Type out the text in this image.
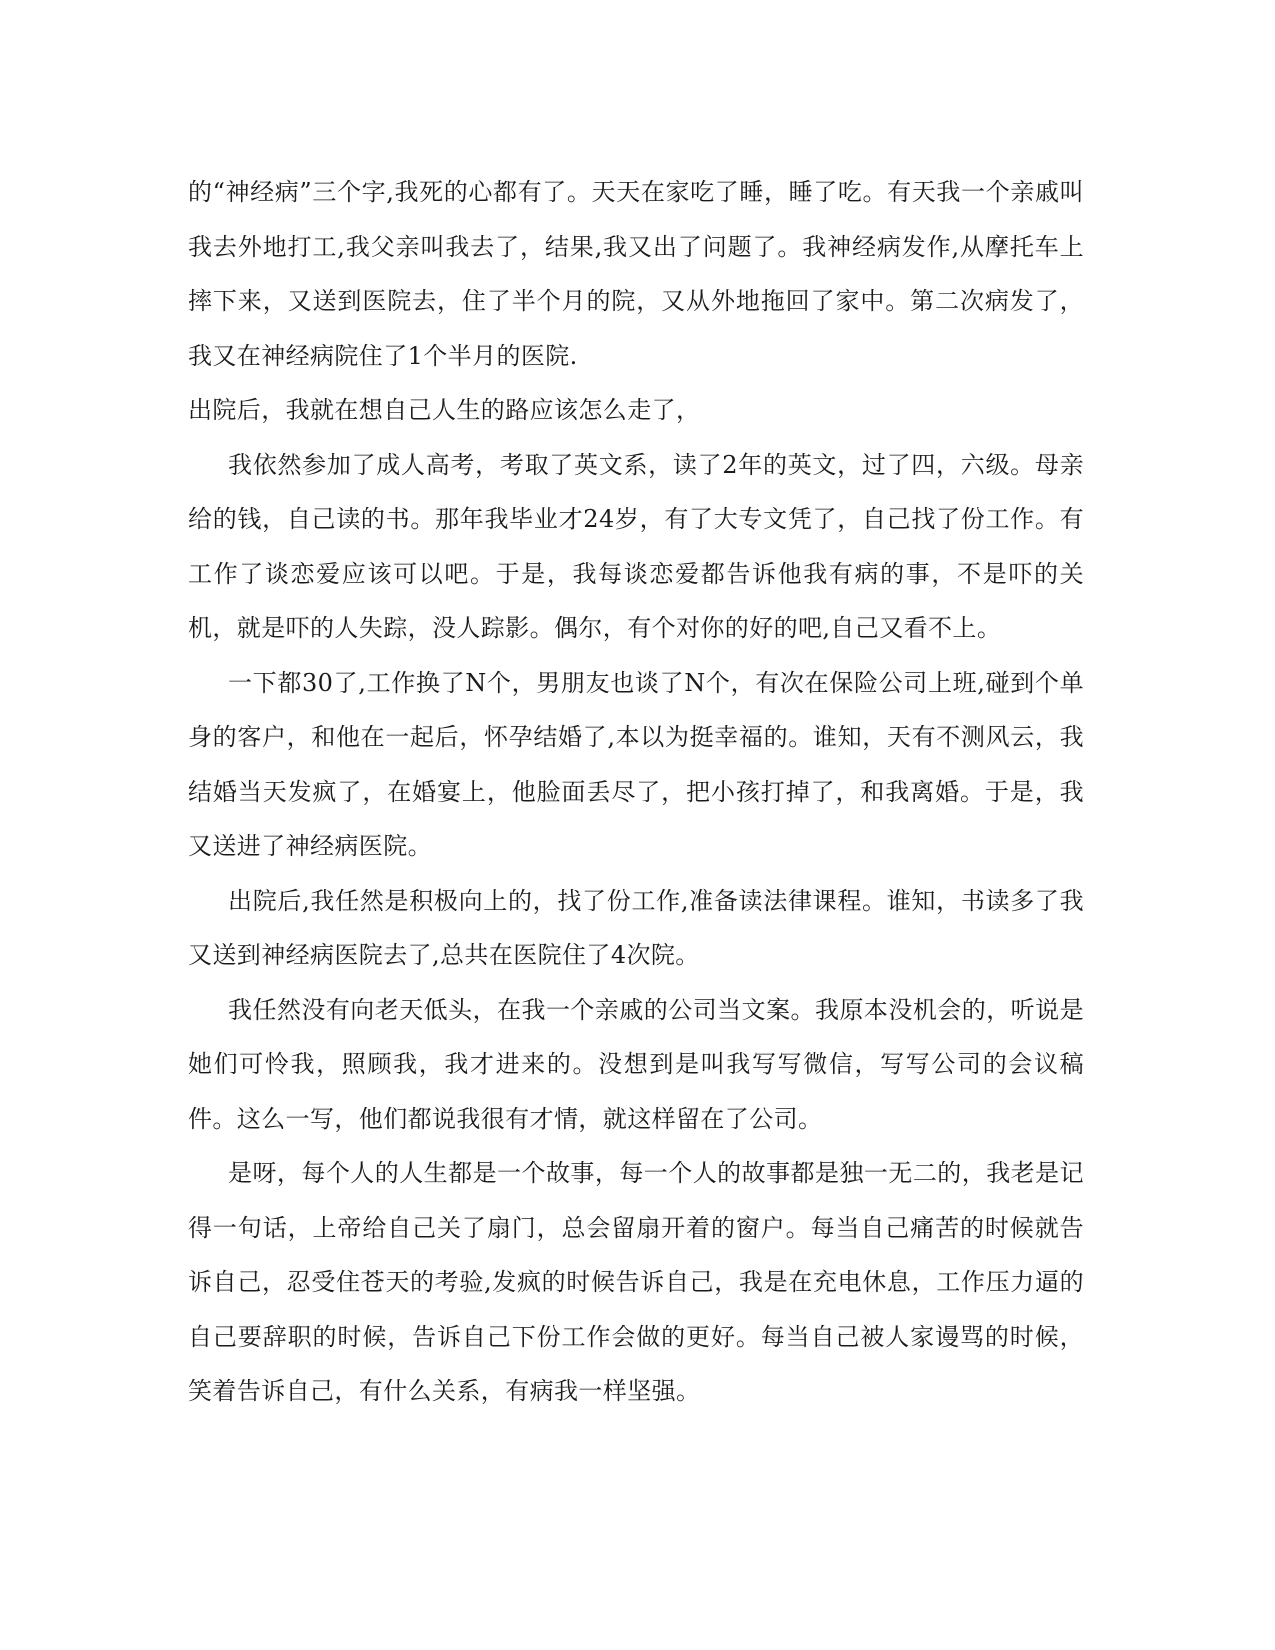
的“神经病”三个字,我死的心都有了。天天在家吃了睡，睡了吃。有天我一个亲戚叫我去外地打工,我父亲叫我去了，结果,我又出了问题了。我神经病发作,从摩托车上摔下来，又送到医院去，住了半个月的院，又从外地拖回了家中。第二次病发了，我又在神经病院住了1个半月的医院.

出院后，我就在想自己人生的路应该怎么走了，

我依然参加了成人高考，考取了英文系，读了2年的英文，过了四，六级。母亲给的钱，自己读的书。那年我毕业才24岁，有了大专文凭了，自己找了份工作。有工作了谈恋爱应该可以吧。于是，我每谈恋爱都告诉他我有病的事，不是吓的关机，就是吓的人失踪，没人踪影。偶尔，有个对你的好的吧,自己又看不上。

一下都30了,工作换了N个，男朋友也谈了N个，有次在保险公司上班,碰到个单身的客户，和他在一起后，怀孕结婚了,本以为挺幸福的。谁知，天有不测风云，我结婚当天发疯了，在婚宴上，他脸面丢尽了，把小孩打掉了，和我离婚。于是，我又送进了神经病医院。

出院后,我任然是积极向上的，找了份工作,准备读法律课程。谁知，书读多了我又送到神经病医院去了,总共在医院住了4次院。

我任然没有向老天低头，在我一个亲戚的公司当文案。我原本没机会的，听说是她们可怜我，照顾我，我才进来的。没想到是叫我写写微信，写写公司的会议稿件。这么一写，他们都说我很有才情，就这样留在了公司。

是呀，每个人的人生都是一个故事，每一个人的故事都是独一无二的，我老是记得一句话，上帝给自己关了扇门，总会留扇开着的窗户。每当自己痛苦的时候就告诉自己，忍受住苍天的考验,发疯的时候告诉自己，我是在充电休息，工作压力逼的自己要辞职的时候，告诉自己下份工作会做的更好。每当自己被人家谩骂的时候，笑着告诉自己，有什么关系，有病我一样坚强。
